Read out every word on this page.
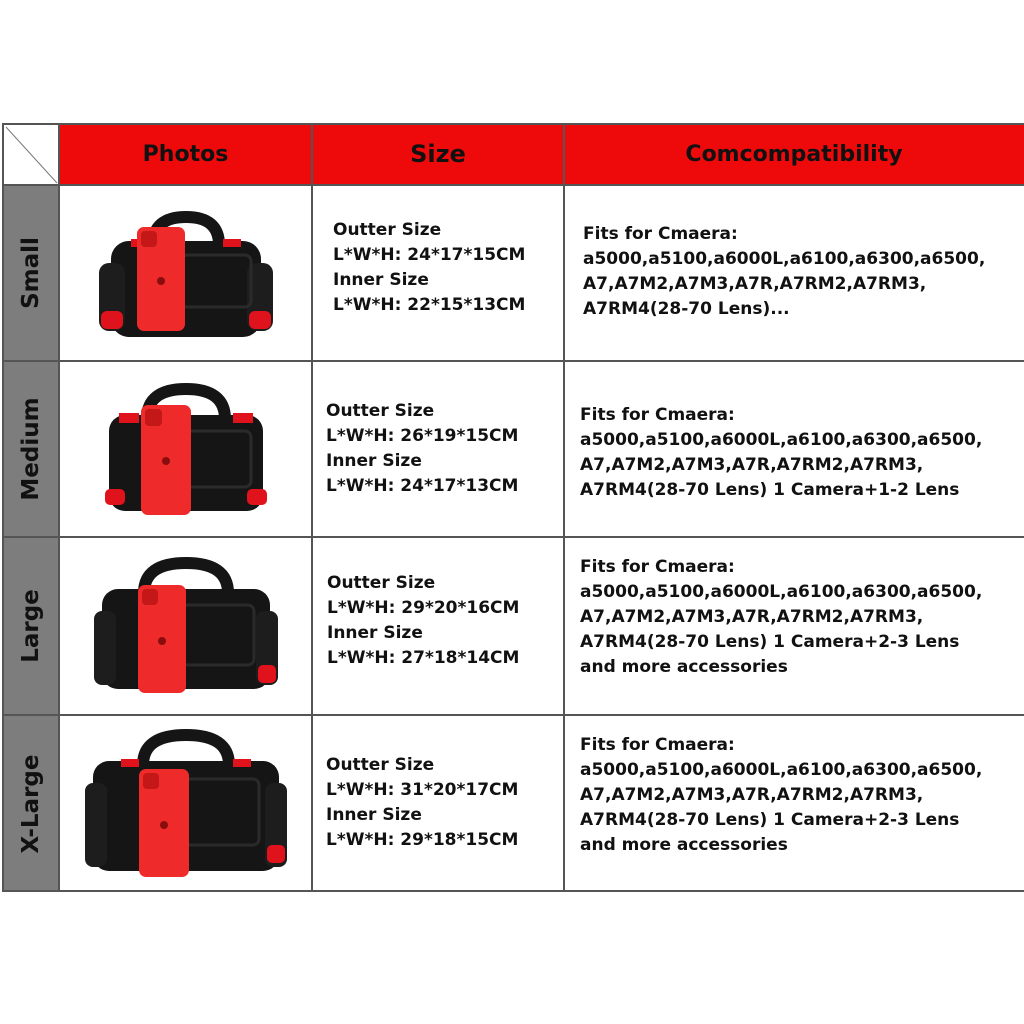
Photos	Size	Comcompatibility
Small
Medium
Large
X-Large
Outter Size
L*W*H: 24*17*15CM
Inner Size
L*W*H: 22*15*13CM
Outter Size
L*W*H: 26*19*15CM
Inner Size
L*W*H: 24*17*13CM
Outter Size
L*W*H: 29*20*16CM
Inner Size
L*W*H: 27*18*14CM
Outter Size
L*W*H: 31*20*17CM
Inner Size
L*W*H: 29*18*15CM
Fits for Cmaera:
a5000,a5100,a6000L,a6100,a6300,a6500,
A7,A7M2,A7M3,A7R,A7RM2,A7RM3,
A7RM4(28-70 Lens)...
Fits for Cmaera:
a5000,a5100,a6000L,a6100,a6300,a6500,
A7,A7M2,A7M3,A7R,A7RM2,A7RM3,
A7RM4(28-70 Lens) 1 Camera+1-2 Lens
Fits for Cmaera:
a5000,a5100,a6000L,a6100,a6300,a6500,
A7,A7M2,A7M3,A7R,A7RM2,A7RM3,
A7RM4(28-70 Lens) 1 Camera+2-3 Lens
and more accessories
Fits for Cmaera:
a5000,a5100,a6000L,a6100,a6300,a6500,
A7,A7M2,A7M3,A7R,A7RM2,A7RM3,
A7RM4(28-70 Lens) 1 Camera+2-3 Lens
and more accessories
